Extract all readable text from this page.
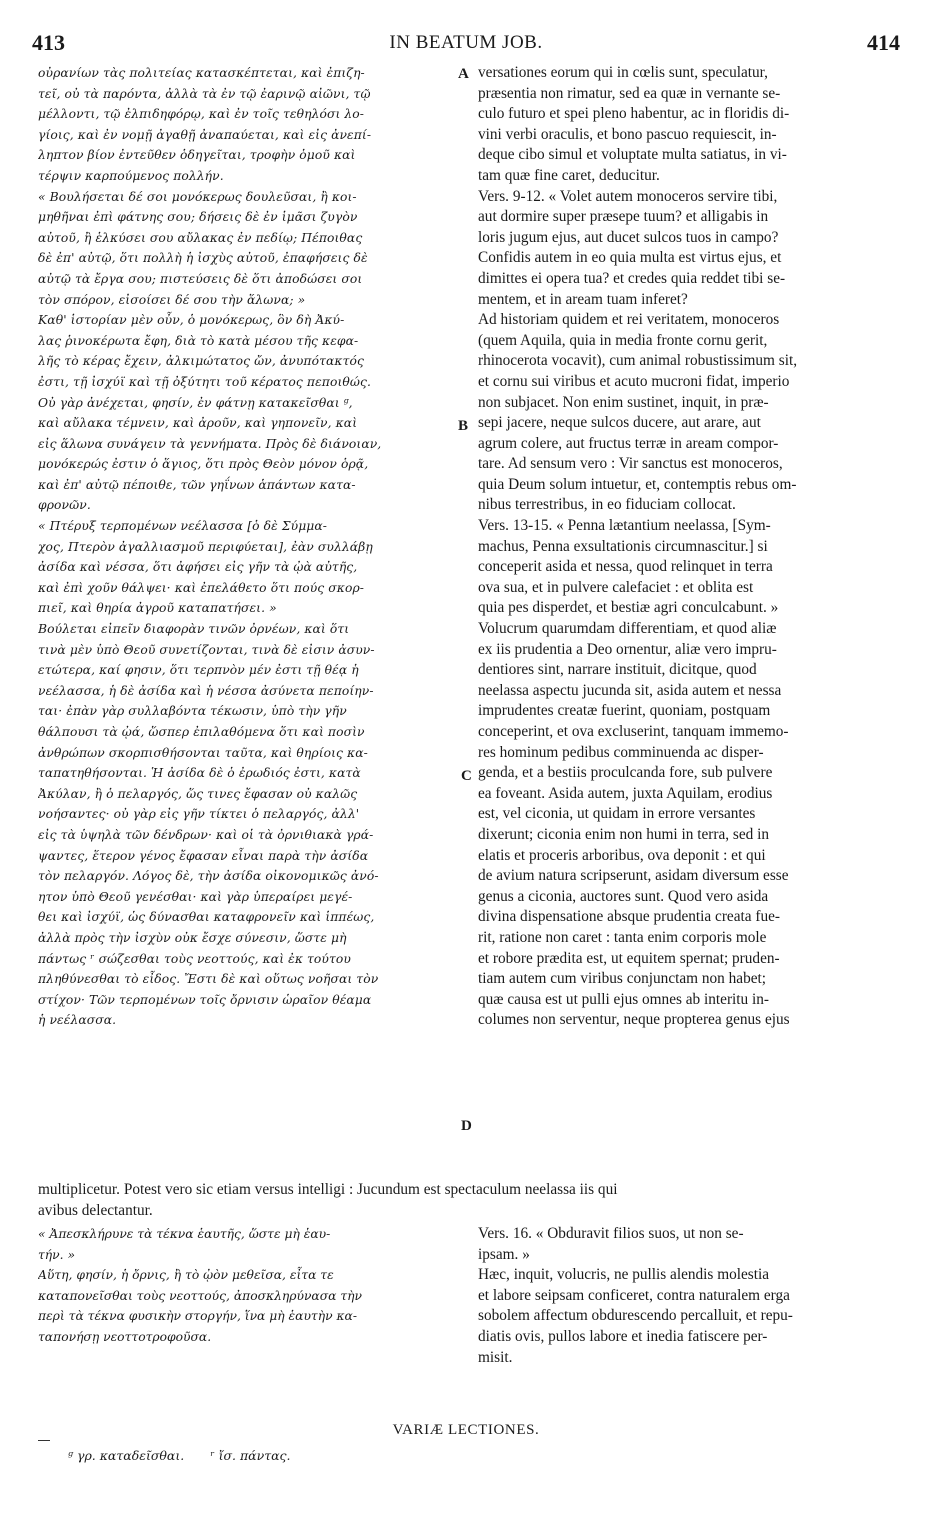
413	IN BEATUM JOB.	414
A
B
C
D
οὐρανίων τὰς πολιτείας κατασκέπτεται, καὶ ἐπιζη-
τεῖ, οὐ τὰ παρόντα, ἀλλὰ τὰ ἐν τῷ ἐαρινῷ αἰῶνι, τῷ
μέλλοντι, τῷ ἐλπιδηφόρῳ, καὶ ἐν τοῖς τεθηλόσι λο-
γίοις, καὶ ἐν νομῇ ἀγαθῇ ἀναπαύεται, καὶ εἰς ἀνεπί-
ληπτον βίον ἐντεῦθεν ὁδηγεῖται, τροφὴν ὁμοῦ καὶ
τέρψιν καρπούμενος πολλήν.
« Βουλήσεται δέ σοι μονόκερως δουλεῦσαι, ἢ κοι-
μηθῆναι ἐπὶ φάτνης σου; δήσεις δὲ ἐν ἱμᾶσι ζυγὸν
αὐτοῦ, ἢ ἑλκύσει σου αὔλακας ἐν πεδίῳ; Πέποιθας
δὲ ἐπ' αὐτῷ, ὅτι πολλὴ ἡ ἰσχὺς αὐτοῦ, ἐπαφήσεις δὲ
αὐτῷ τὰ ἔργα σου; πιστεύσεις δὲ ὅτι ἀποδώσει σοι
τὸν σπόρον, εἰσοίσει δέ σου τὴν ἅλωνα; »
Καθ' ἱστορίαν μὲν οὖν, ὁ μονόκερως, ὃν δὴ Ἀκύ-
λας ῥινοκέρωτα ἔφη, διὰ τὸ κατὰ μέσου τῆς κεφα-
λῆς τὸ κέρας ἔχειν, ἀλκιμώτατος ὤν, ἀνυπότακτός
ἐστι, τῇ ἰσχύϊ καὶ τῇ ὀξύτητι τοῦ κέρατος πεποιθώς.
Οὐ γὰρ ἀνέχεται, φησίν, ἐν φάτνῃ κατακεῖσθαι ᵍ,
καὶ αὔλακα τέμνειν, καὶ ἀροῦν, καὶ γηπονεῖν, καὶ
εἰς ἅλωνα συνάγειν τὰ γεννήματα. Πρὸς δὲ διάνοιαν,
μονόκερώς ἐστιν ὁ ἅγιος, ὅτι πρὸς Θεὸν μόνον ὁρᾷ,
καὶ ἐπ' αὐτῷ πέποιθε, τῶν γηΐνων ἁπάντων κατα-
φρονῶν.
« Πτέρυξ τερπομένων νεέλασσα [ὁ δὲ Σύμμα-
χος, Πτερὸν ἀγαλλιασμοῦ περιφύεται], ἐὰν συλλάβῃ
ἀσίδα καὶ νέσσα, ὅτι ἀφήσει εἰς γῆν τὰ ᾠὰ αὐτῆς,
καὶ ἐπὶ χοῦν θάλψει· καὶ ἐπελάθετο ὅτι πούς σκορ-
πιεῖ, καὶ θηρία ἀγροῦ καταπατήσει. »
Βούλεται εἰπεῖν διαφορὰν τινῶν ὀρνέων, καὶ ὅτι
τινὰ μὲν ὑπὸ Θεοῦ συνετίζονται, τινὰ δὲ εἰσιν ἀσυν-
ετώτερα, καί φησιν, ὅτι τερπνὸν μέν ἐστι τῇ θέᾳ ἡ
νεέλασσα, ἡ δὲ ἀσίδα καὶ ἡ νέσσα ἀσύνετα πεποίην-
ται· ἐπὰν γὰρ συλλαβόντα τέκωσιν, ὑπὸ τὴν γῆν
θάλπουσι τὰ ᾠά, ὥσπερ ἐπιλαθόμενα ὅτι καὶ ποσὶν
ἀνθρώπων σκορπισθήσονται ταῦτα, καὶ θηρίοις κα-
ταπατηθήσονται. Ἡ ἀσίδα δὲ ὁ ἐρωδιός ἐστι, κατὰ
Ἀκύλαν, ἢ ὁ πελαργός, ὥς τινες ἔφασαν οὐ καλῶς
νοήσαντες· οὐ γὰρ εἰς γῆν τίκτει ὁ πελαργός, ἀλλ'
εἰς τὰ ὑψηλὰ τῶν δένδρων· καὶ οἱ τὰ ὀρνιθιακὰ γρά-
ψαντες, ἕτερον γένος ἔφασαν εἶναι παρὰ τὴν ἀσίδα
τὸν πελαργόν. Λόγος δὲ, τὴν ἀσίδα οἰκονομικῶς ἀνό-
ητον ὑπὸ Θεοῦ γενέσθαι· καὶ γὰρ ὑπεραίρει μεγέ-
θει καὶ ἰσχύϊ, ὡς δύνασθαι καταφρονεῖν καὶ ἱππέως,
ἀλλὰ πρὸς τὴν ἰσχὺν οὐκ ἔσχε σύνεσιν, ὥστε μὴ
πάντως ʳ σώζεσθαι τοὺς νεοττούς, καὶ ἐκ τούτου
πληθύνεσθαι τὸ εἶδος. Ἔστι δὲ καὶ οὕτως νοῆσαι τὸν
στίχον· Τῶν τερπομένων τοῖς ὄρνισιν ὡραῖον θέαμα
ἡ νεέλασσα.
versationes eorum qui in cœlis sunt, speculatur,
præsentia non rimatur, sed ea quæ in vernante se-
culo futuro et spei pleno habentur, ac in floridis di-
vini verbi oraculis, et bono pascuo requiescit, in-
deque cibo simul et voluptate multa satiatus, in vi-
tam quæ fine caret, deducitur.
Vers. 9-12. « Volet autem monoceros servire tibi,
aut dormire super præsepe tuum? et alligabis in
loris jugum ejus, aut ducet sulcos tuos in campo?
Confidis autem in eo quia multa est virtus ejus, et
dimittes ei opera tua? et credes quia reddet tibi se-
mentem, et in aream tuam inferet?
Ad historiam quidem et rei veritatem, monoceros
(quem Aquila, quia in media fronte cornu gerit,
rhinocerota vocavit), cum animal robustissimum sit,
et cornu sui viribus et acuto mucroni fidat, imperio
non subjacet. Non enim sustinet, inquit, in præ-
sepi jacere, neque sulcos ducere, aut arare, aut
agrum colere, aut fructus terræ in aream compor-
tare. Ad sensum vero : Vir sanctus est monoceros,
quia Deum solum intuetur, et, contemptis rebus om-
nibus terrestribus, in eo fiduciam collocat.
Vers. 13-15. « Penna lætantium neelassa, [Sym-
machus, Penna exsultationis circumnascitur.] si
conceperit asida et nessa, quod relinquet in terra
ova sua, et in pulvere calefaciet : et oblita est
quia pes disperdet, et bestiæ agri conculcabunt. »
Volucrum quarumdam differentiam, et quod aliæ
ex iis prudentia a Deo ornentur, aliæ vero impru-
dentiores sint, narrare instituit, dicitque, quod
neelassa aspectu jucunda sit, asida autem et nessa
imprudentes creatæ fuerint, quoniam, postquam
conceperint, et ova excluserint, tanquam immemo-
res hominum pedibus comminuenda ac disper-
genda, et a bestiis proculcanda fore, sub pulvere
ea foveant. Asida autem, juxta Aquilam, erodius
est, vel ciconia, ut quidam in errore versantes
dixerunt; ciconia enim non humi in terra, sed in
elatis et proceris arboribus, ova deponit : et qui
de avium natura scripserunt, asidam diversum esse
genus a ciconia, auctores sunt. Quod vero asida
divina dispensatione absque prudentia creata fue-
rit, ratione non caret : tanta enim corporis mole
et robore prædita est, ut equitem spernat; pruden-
tiam autem cum viribus conjunctam non habet;
quæ causa est ut pulli ejus omnes ab interitu in-
columes non serventur, neque propterea genus ejus
multiplicetur. Potest vero sic etiam versus intelligi : Jucundum est spectaculum neelassa iis qui
avibus delectantur.
« Ἀπεσκλήρυνε τὰ τέκνα ἑαυτῆς, ὥστε μὴ ἑαυ-
τήν. »
Αὕτη, φησίν, ἡ ὄρνις, ἢ τὸ ᾠὸν μεθεῖσα, εἶτα τε
καταπονεῖσθαι τοὺς νεοττούς, ἀποσκληρύνασα τὴν
περὶ τὰ τέκνα φυσικὴν στοργήν, ἵνα μὴ ἑαυτὴν κα-
ταπονήσῃ νεοττοτροφοῦσα.
Vers. 16. « Obduravit filios suos, ut non se-
ipsam. »
Hæc, inquit, volucris, ne pullis alendis molestia
et labore seipsam conficeret, contra naturalem erga
sobolem affectum obdurescendo percalluit, et repu-
diatis ovis, pullos labore et inedia fatiscere per-
misit.
VARIÆ LECTIONES.
ᵍ γρ. καταδεῖσθαι. ʳ ἴσ. πάντας.
